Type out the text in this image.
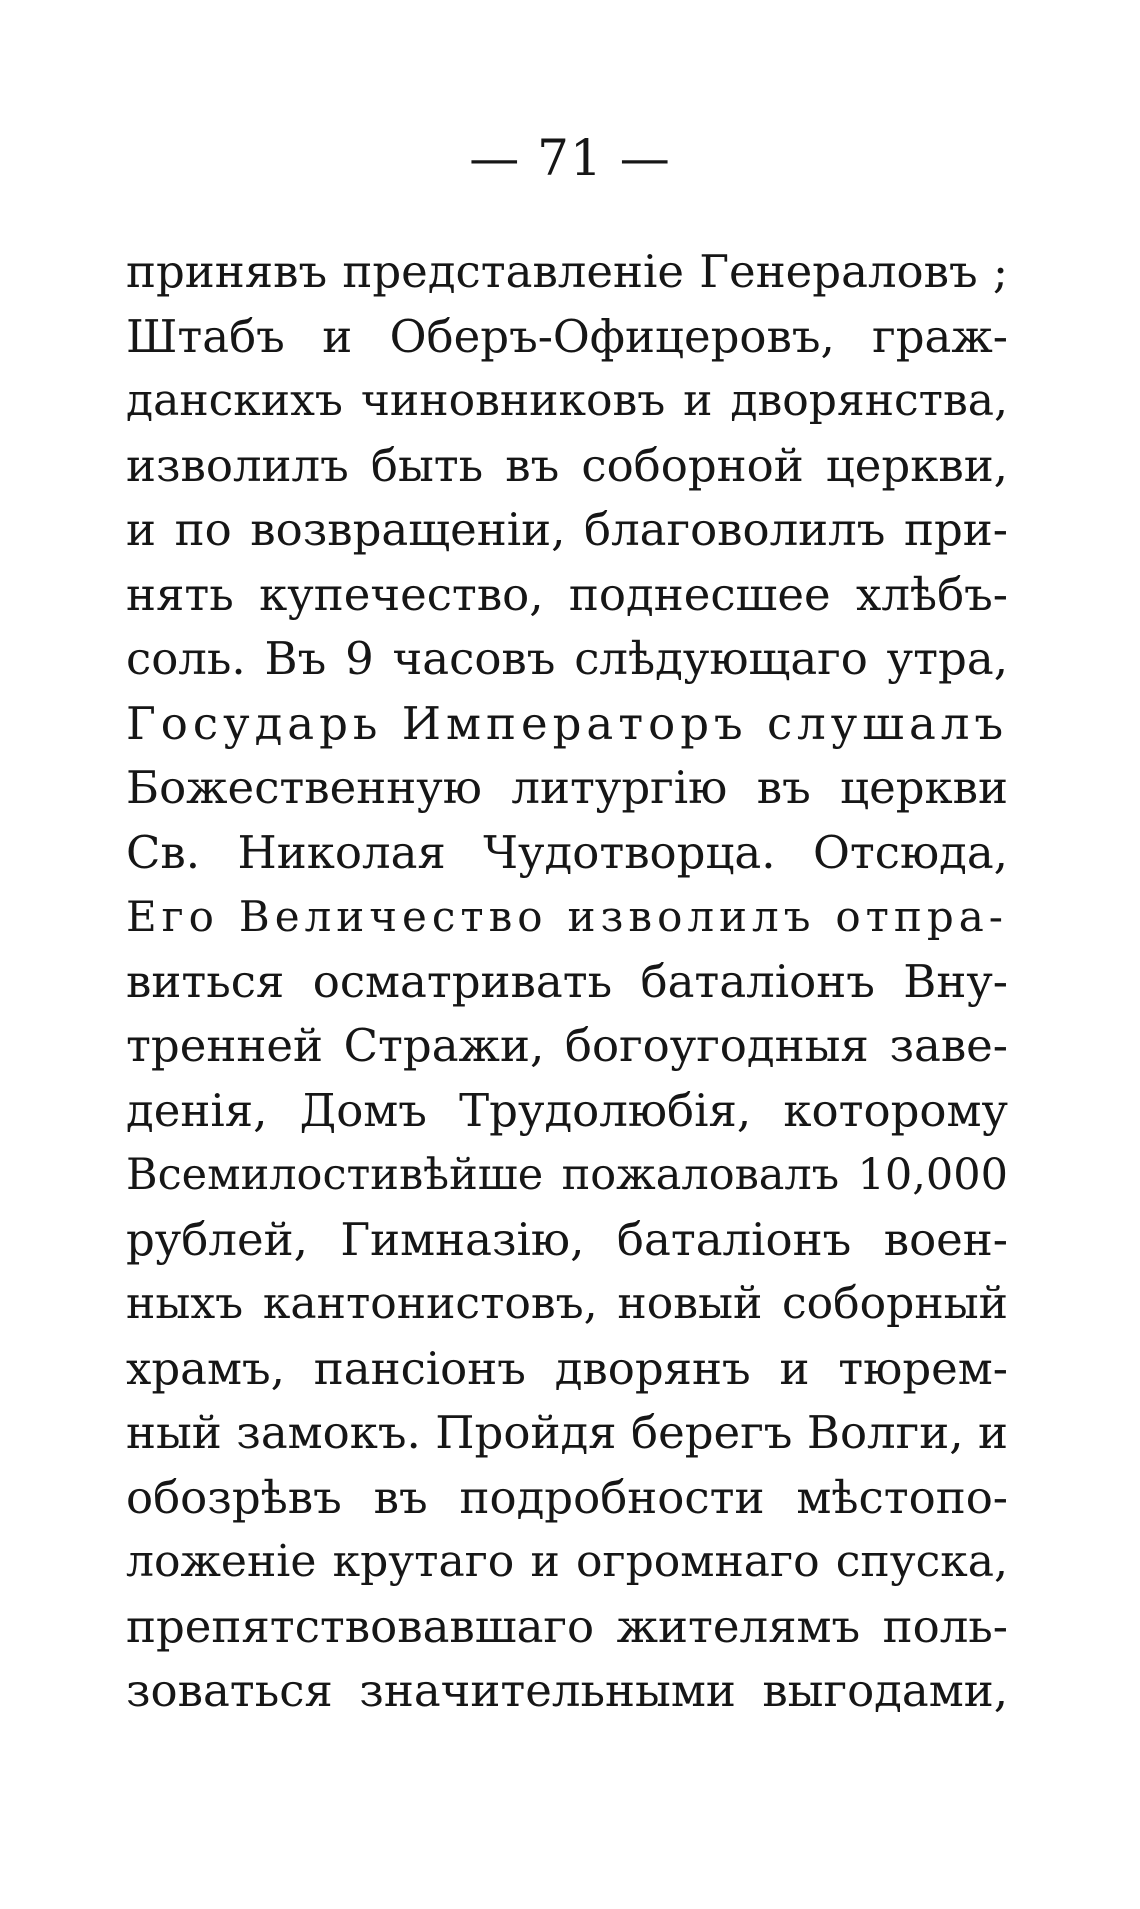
— 71 —
принявъ представленіе Генераловъ ;
Штабъ и Оберъ-Офицеровъ, граж-
данскихъ чиновниковъ и дворянства,
изволилъ быть въ соборной церкви,
и по возвращеніи, благоволилъ при-
нять купечество, поднесшее хлѣбъ-
соль. Въ 9 часовъ слѣдующаго утра,
Государь Императоръ слушалъ
Божественную литургію въ церкви
Св. Николая Чудотворца. Отсюда,
Его Величество изволилъ отпра-
виться осматривать баталіонъ Вну-
тренней Стражи, богоугодныя заве-
денія, Домъ Трудолюбія, которому
Всемилостивѣйше пожаловалъ 10,000
рублей, Гимназію, баталіонъ воен-
ныхъ кантонистовъ, новый соборный
храмъ, пансіонъ дворянъ и тюрем-
ный замокъ. Пройдя берегъ Волги, и
обозрѣвъ въ подробности мѣстопо-
ложеніе крутаго и огромнаго спуска,
препятствовавшаго жителямъ поль-
зоваться значительными выгодами,
